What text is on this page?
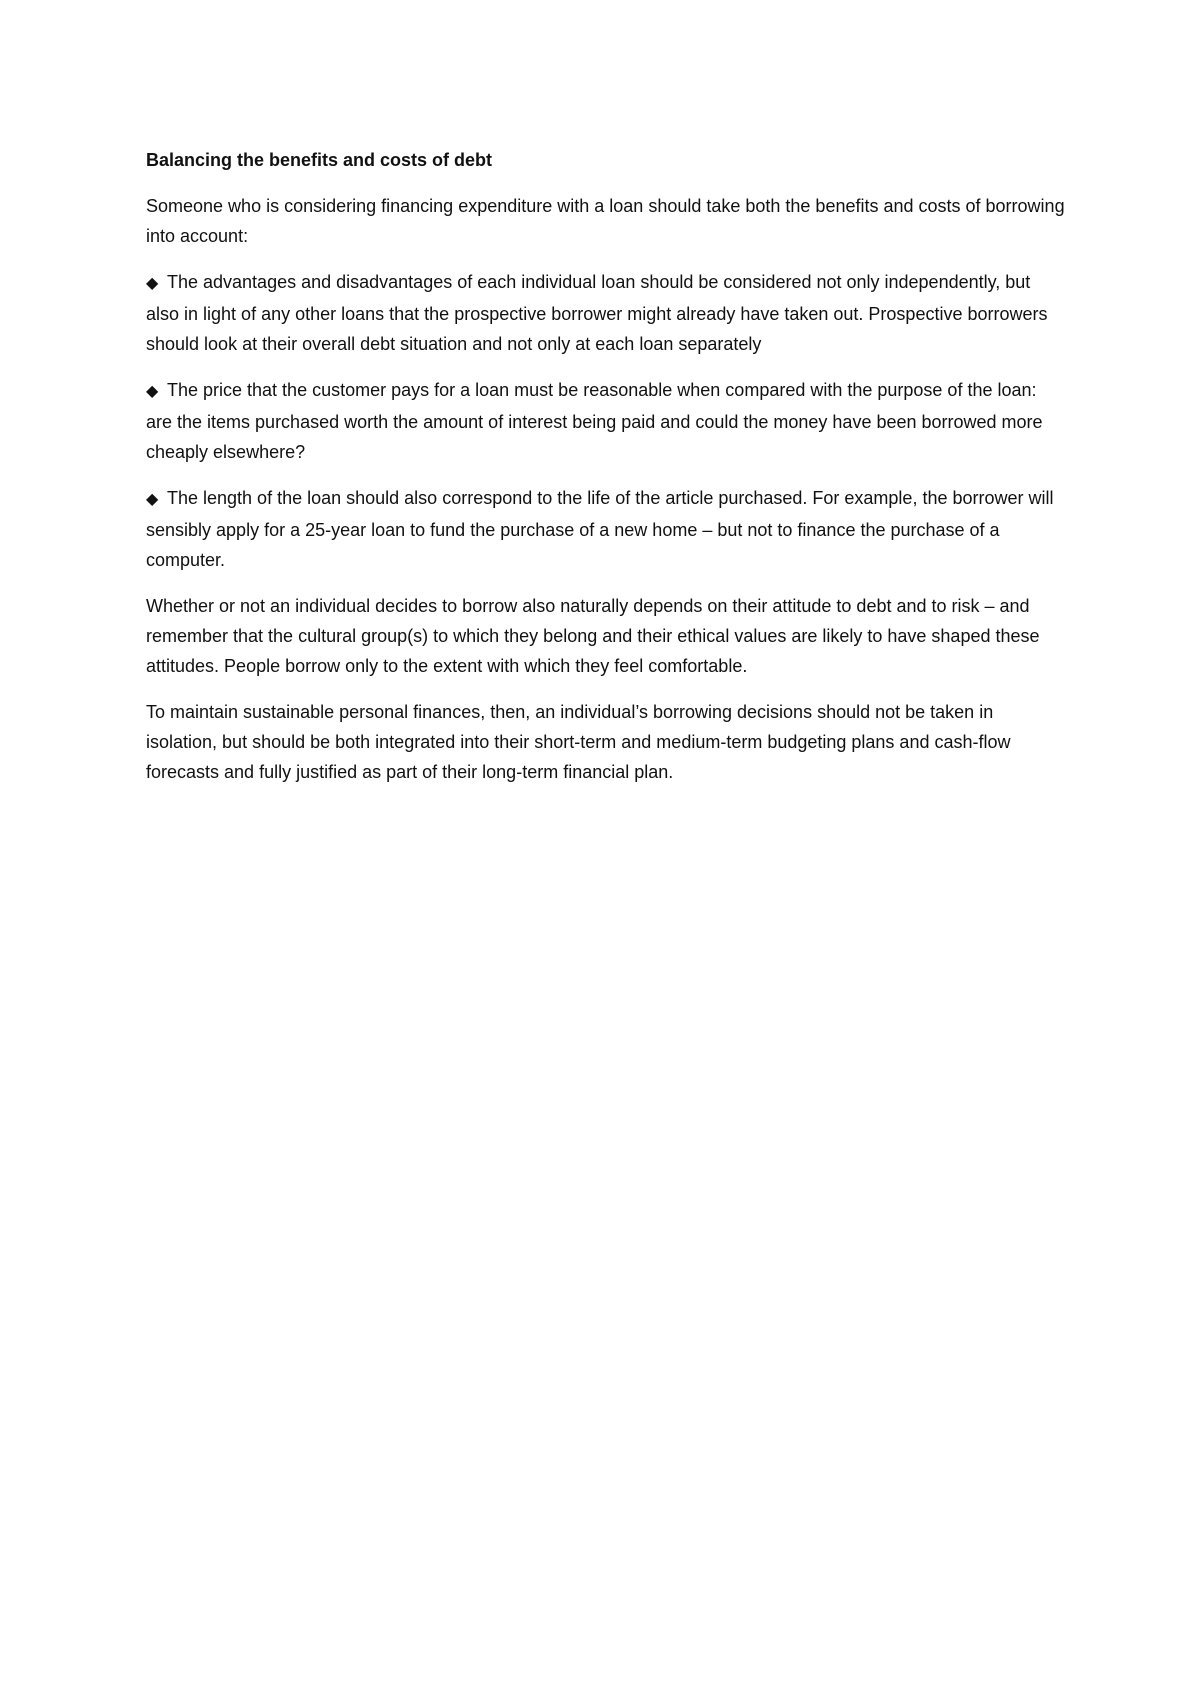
Balancing the benefits and costs of debt

Someone who is considering financing expenditure with a loan should take both the benefits and costs of borrowing into account:

◆ The advantages and disadvantages of each individual loan should be considered not only independently, but also in light of any other loans that the prospective borrower might already have taken out. Prospective borrowers should look at their overall debt situation and not only at each loan separately

◆ The price that the customer pays for a loan must be reasonable when compared with the purpose of the loan: are the items purchased worth the amount of interest being paid and could the money have been borrowed more cheaply elsewhere?

◆ The length of the loan should also correspond to the life of the article purchased. For example, the borrower will sensibly apply for a 25-year loan to fund the purchase of a new home – but not to finance the purchase of a computer.

Whether or not an individual decides to borrow also naturally depends on their attitude to debt and to risk – and remember that the cultural group(s) to which they belong and their ethical values are likely to have shaped these attitudes. People borrow only to the extent with which they feel comfortable.

To maintain sustainable personal finances, then, an individual’s borrowing decisions should not be taken in isolation, but should be both integrated into their short-term and medium-term budgeting plans and cash-flow forecasts and fully justified as part of their long-term financial plan.
